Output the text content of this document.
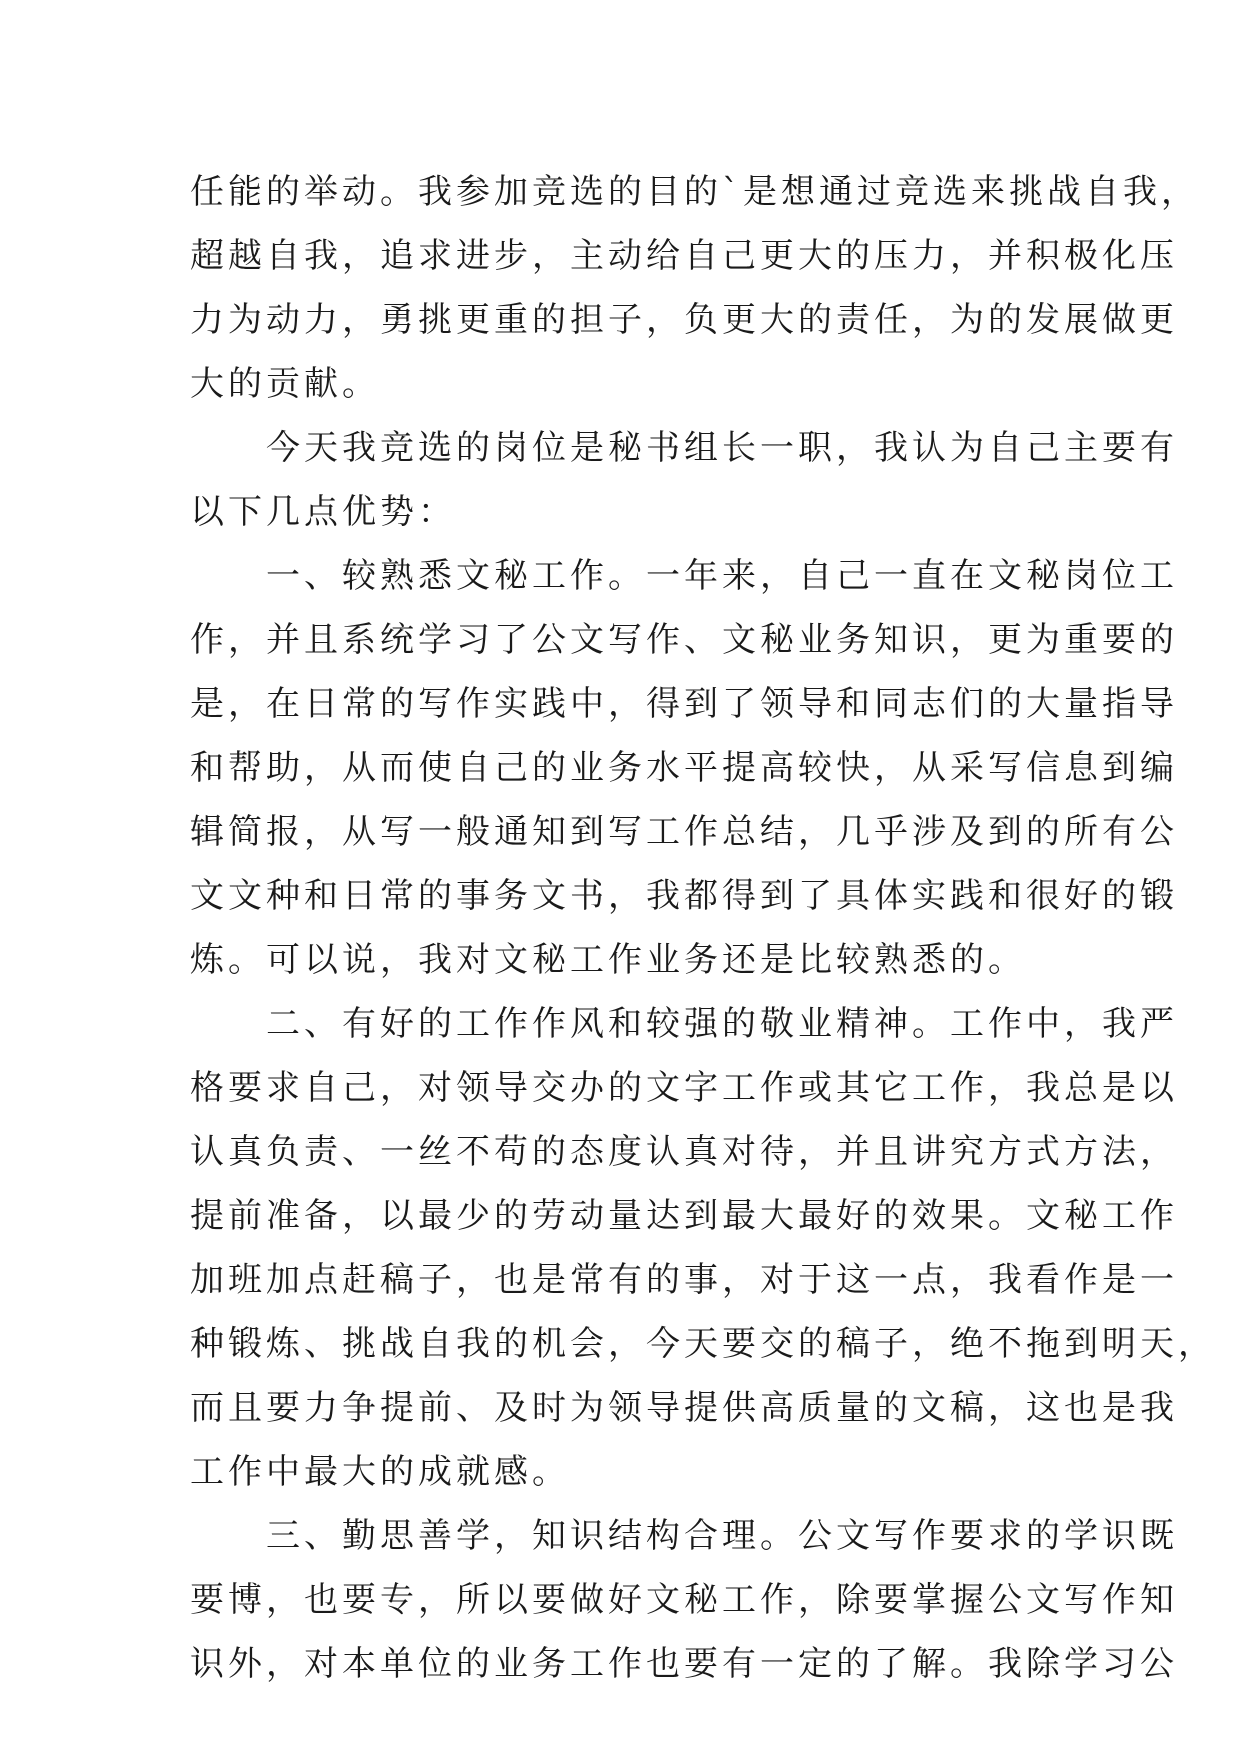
任能的举动。我参加竞选的目的`是想通过竞选来挑战自我，
超越自我，追求进步，主动给自己更大的压力，并积极化压
力为动力，勇挑更重的担子，负更大的责任，为的发展做更
大的贡献。
　　今天我竞选的岗位是秘书组长一职，我认为自己主要有
以下几点优势：
　　一、较熟悉文秘工作。一年来，自己一直在文秘岗位工
作，并且系统学习了公文写作、文秘业务知识，更为重要的
是，在日常的写作实践中，得到了领导和同志们的大量指导
和帮助，从而使自己的业务水平提高较快，从采写信息到编
辑简报，从写一般通知到写工作总结，几乎涉及到的所有公
文文种和日常的事务文书，我都得到了具体实践和很好的锻
炼。可以说，我对文秘工作业务还是比较熟悉的。
　　二、有好的工作作风和较强的敬业精神。工作中，我严
格要求自己，对领导交办的文字工作或其它工作，我总是以
认真负责、一丝不苟的态度认真对待，并且讲究方式方法，
提前准备，以最少的劳动量达到最大最好的效果。文秘工作
加班加点赶稿子，也是常有的事，对于这一点，我看作是一
种锻炼、挑战自我的机会，今天要交的稿子，绝不拖到明天，
而且要力争提前、及时为领导提供高质量的文稿，这也是我
工作中最大的成就感。
　　三、勤思善学，知识结构合理。公文写作要求的学识既
要博，也要专，所以要做好文秘工作，除要掌握公文写作知
识外，对本单位的业务工作也要有一定的了解。我除学习公
